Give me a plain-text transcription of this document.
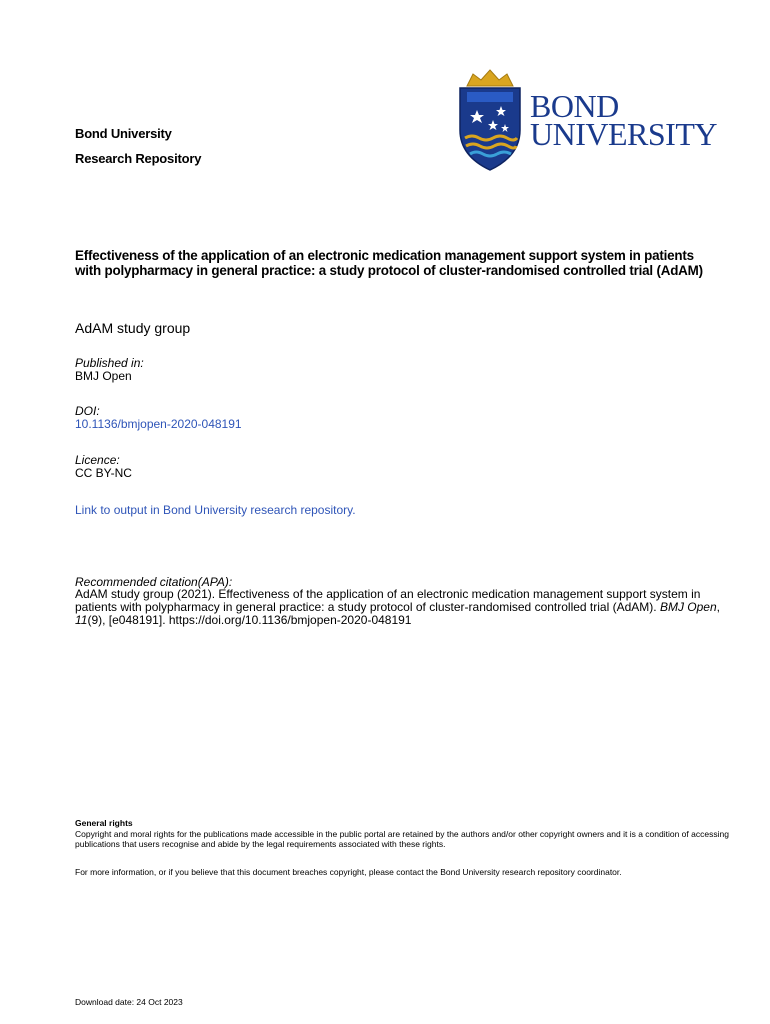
Bond University
Research Repository
BOND
UNIVERSITY
Effectiveness of the application of an electronic medication management support system in patients with polypharmacy in general practice: a study protocol of cluster-randomised controlled trial (AdAM)
AdAM study group
Published in:
BMJ Open
DOI:
10.1136/bmjopen-2020-048191
Licence:
CC BY-NC
Link to output in Bond University research repository.
Recommended citation(APA):
AdAM study group (2021). Effectiveness of the application of an electronic medication management support system in patients with polypharmacy in general practice: a study protocol of cluster-randomised controlled trial (AdAM). BMJ Open, 11(9), [e048191]. https://doi.org/10.1136/bmjopen-2020-048191
General rights
Copyright and moral rights for the publications made accessible in the public portal are retained by the authors and/or other copyright owners and it is a condition of accessing publications that users recognise and abide by the legal requirements associated with these rights.
For more information, or if you believe that this document breaches copyright, please contact the Bond University research repository coordinator.
Download date: 24 Oct 2023
